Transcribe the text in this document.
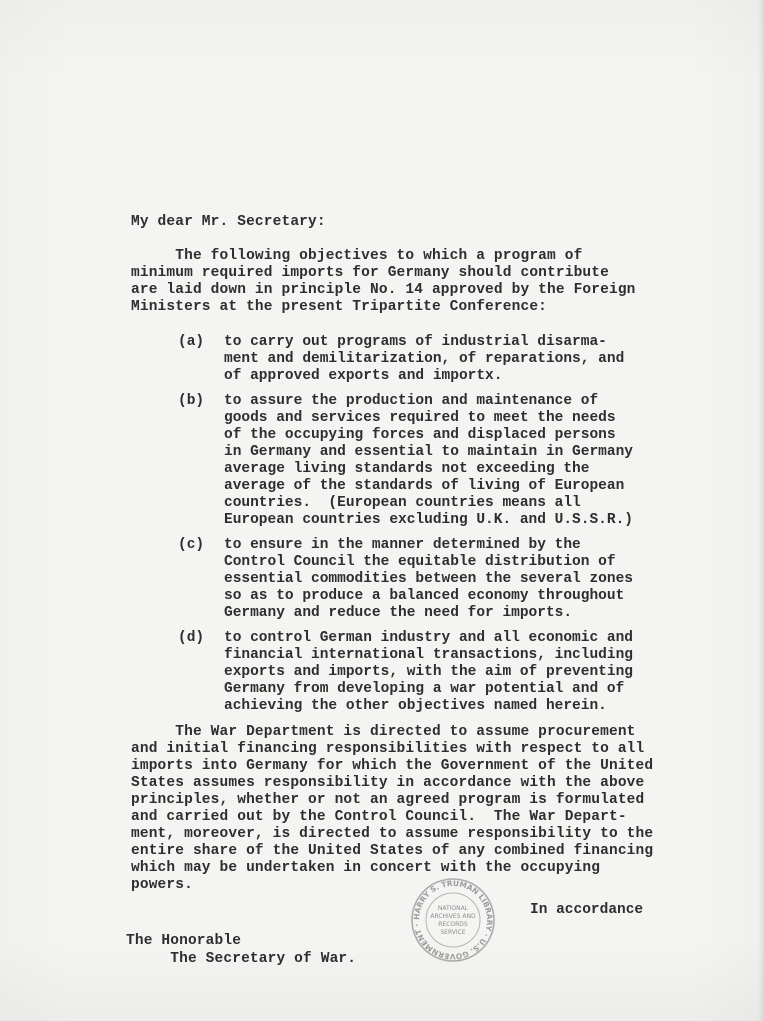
My dear Mr. Secretary:
The following objectives to which a program of
minimum required imports for Germany should contribute
are laid down in principle No. 14 approved by the Foreign
Ministers at the present Tripartite Conference:
(a) to carry out programs of industrial disarma-
ment and demilitarization, of reparations, and
of approved exports and importx.
(b) to assure the production and maintenance of
goods and services required to meet the needs
of the occupying forces and displaced persons
in Germany and essential to maintain in Germany
average living standards not exceeding the
average of the standards of living of European
countries.  (European countries means all
European countries excluding U.K. and U.S.S.R.)
(c) to ensure in the manner determined by the
Control Council the equitable distribution of
essential commodities between the several zones
so as to produce a balanced economy throughout
Germany and reduce the need for imports.
(d) to control German industry and all economic and
financial international transactions, including
exports and imports, with the aim of preventing
Germany from developing a war potential and of
achieving the other objectives named herein.
The War Department is directed to assume procurement
and initial financing responsibilities with respect to all
imports into Germany for which the Government of the United
States assumes responsibility in accordance with the above
principles, whether or not an agreed program is formulated
and carried out by the Control Council.  The War Depart-
ment, moreover, is directed to assume responsibility to the
entire share of the United States of any combined financing
which may be undertaken in concert with the occupying
powers.
In accordance
The Honorable
The Secretary of War.
HARRY S. TRUMAN LIBRARY · U.S. GOVERNMENT ·
NATIONAL
ARCHIVES AND
RECORDS
SERVICE
